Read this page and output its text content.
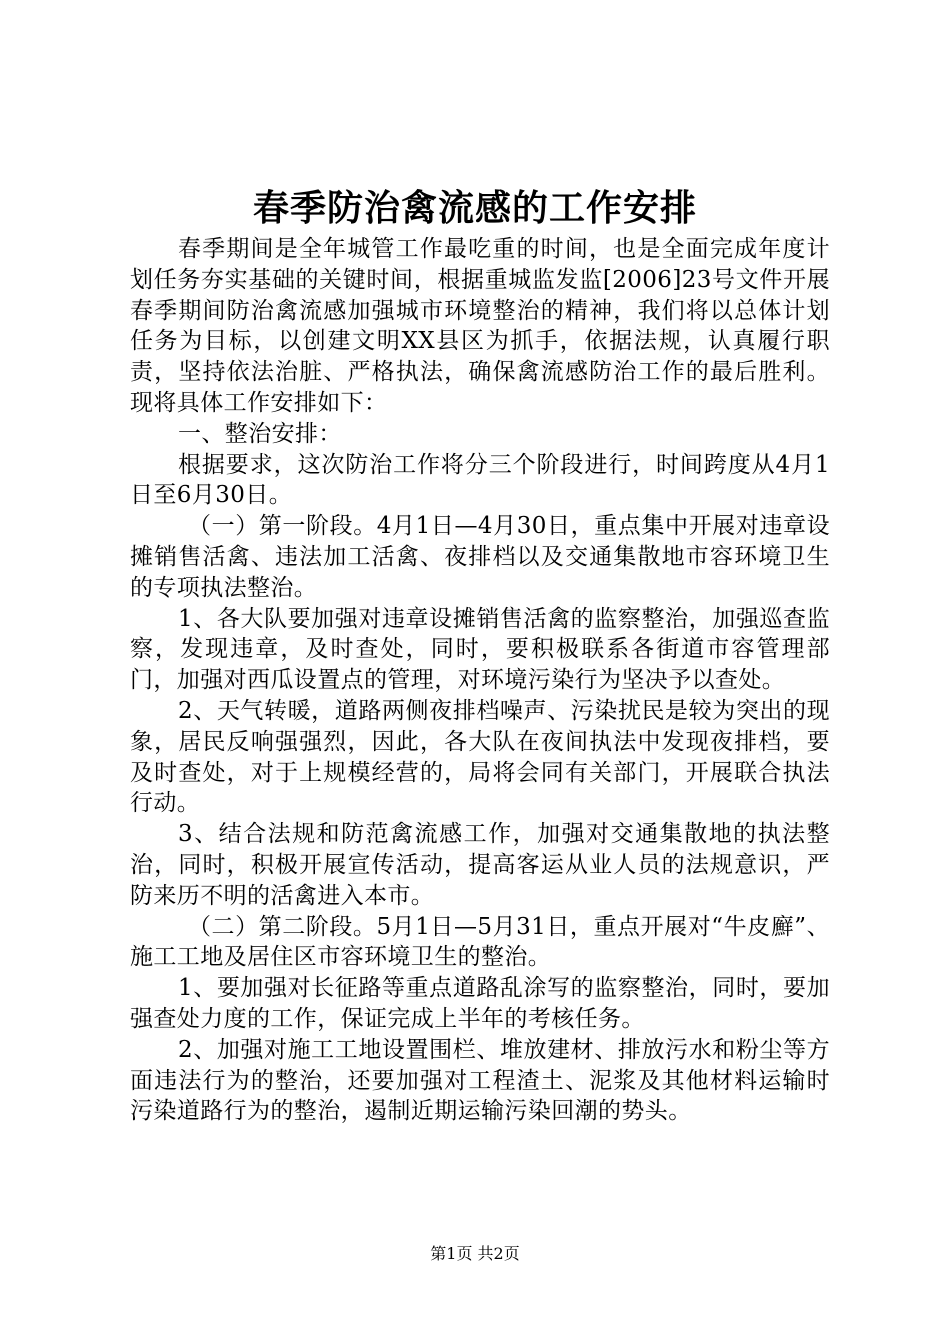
春季防治禽流感的工作安排

春季期间是全年城管工作最吃重的时间，也是全面完成年度计划任务夯实基础的关键时间，根据重城监发监[2006]23号文件开展春季期间防治禽流感加强城市环境整治的精神，我们将以总体计划任务为目标，以创建文明XX县区为抓手，依据法规，认真履行职责，坚持依法治脏、严格执法，确保禽流感防治工作的最后胜利。现将具体工作安排如下：

一、整治安排：

根据要求，这次防治工作将分三个阶段进行，时间跨度从4月1日至6月30日。

（一）第一阶段。4月1日—4月30日，重点集中开展对违章设摊销售活禽、违法加工活禽、夜排档以及交通集散地市容环境卫生的专项执法整治。

1、各大队要加强对违章设摊销售活禽的监察整治，加强巡查监察，发现违章，及时查处，同时，要积极联系各街道市容管理部门，加强对西瓜设置点的管理，对环境污染行为坚决予以查处。

2、天气转暖，道路两侧夜排档噪声、污染扰民是较为突出的现象，居民反响强强烈，因此，各大队在夜间执法中发现夜排档，要及时查处，对于上规模经营的，局将会同有关部门，开展联合执法行动。

3、结合法规和防范禽流感工作，加强对交通集散地的执法整治，同时，积极开展宣传活动，提高客运从业人员的法规意识，严防来历不明的活禽进入本市。

（二）第二阶段。5月1日—5月31日，重点开展对“牛皮廯”、施工工地及居住区市容环境卫生的整治。

1、要加强对长征路等重点道路乱涂写的监察整治，同时，要加强查处力度的工作，保证完成上半年的考核任务。

2、加强对施工工地设置围栏、堆放建材、排放污水和粉尘等方面违法行为的整治，还要加强对工程渣土、泥浆及其他材料运输时污染道路行为的整治，遏制近期运输污染回潮的势头。

第1页 共2页
